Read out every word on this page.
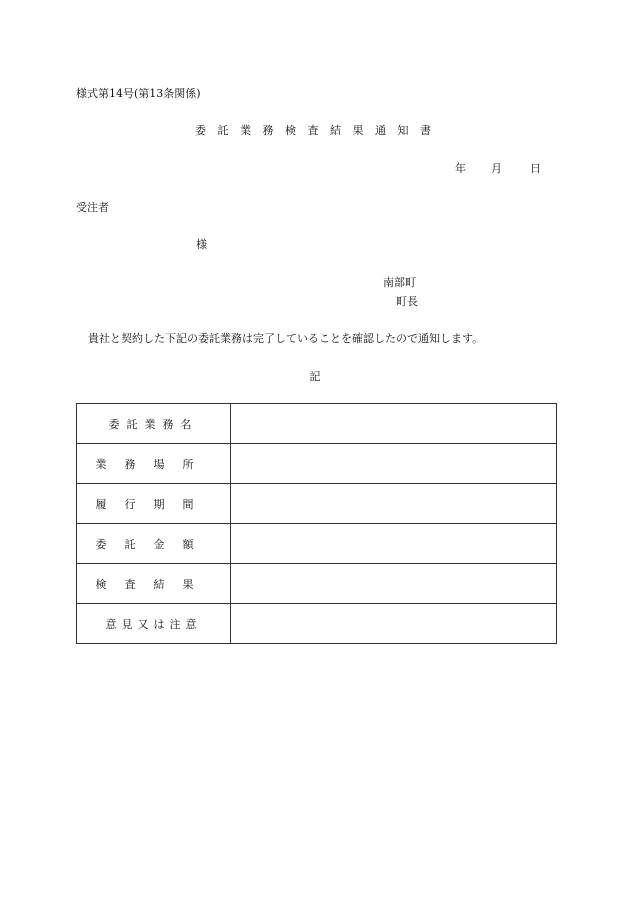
様式第14号(第13条関係)
委 託 業 務 検 査 結 果 通 知 書
年 月	日
受注者
様
南部町
町長
貴社と契約した下記の委託業務は完了していることを確認したので通知します。
記
委託業務名	
業務場所	
履行期間	
委託金額	
検査結果	
意見又は注意	
